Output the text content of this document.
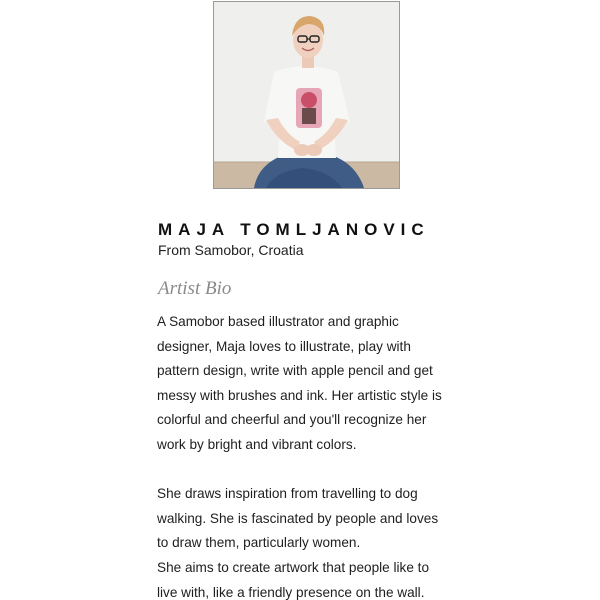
MAJA TOMLJANOVIC
From Samobor, Croatia
Artist Bio
A Samobor based illustrator and graphic
designer, Maja loves to illustrate, play with
pattern design, write with apple pencil and get
messy with brushes and ink. Her artistic style is
colorful and cheerful and you'll recognize her
work by bright and vibrant colors.
She draws inspiration from travelling to dog
walking. She is fascinated by people and loves
to draw them, particularly women.
She aims to create artwork that people like to
live with, like a friendly presence on the wall.
